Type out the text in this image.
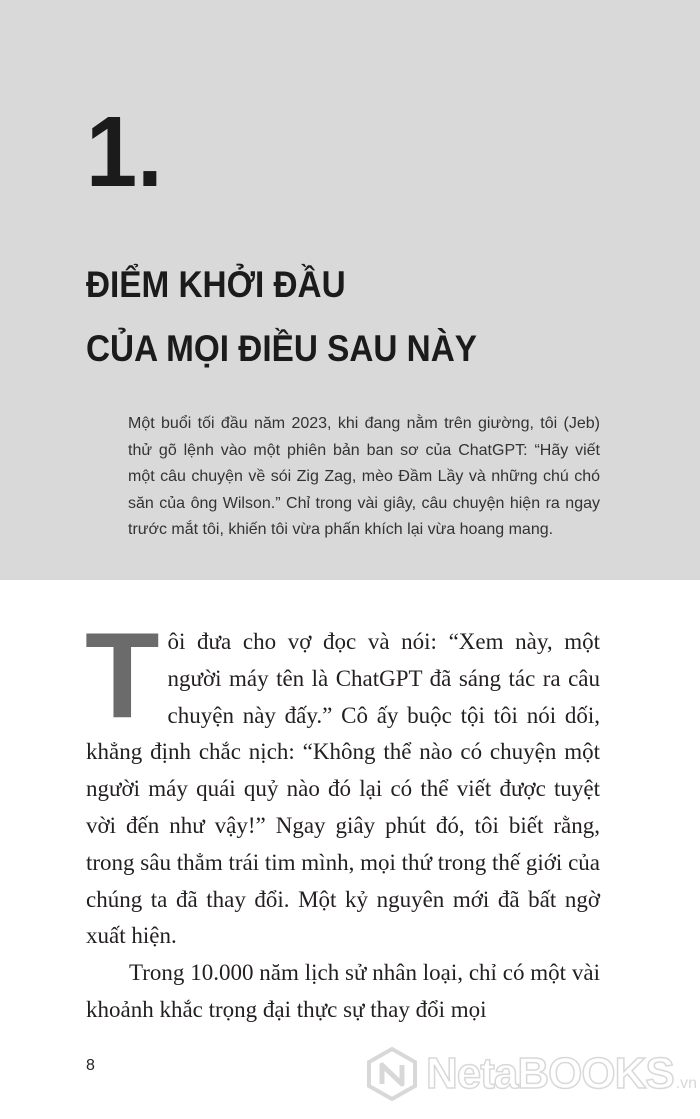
1.
ĐIỂM KHỞI ĐẦU
CỦA MỌI ĐIỀU SAU NÀY

Một buổi tối đầu năm 2023, khi đang nằm trên giường, tôi (Jeb) thử gõ lệnh vào một phiên bản ban sơ của ChatGPT: “Hãy viết một câu chuyện về sói Zig Zag, mèo Đầm Lầy và những chú chó săn của ông Wilson.” Chỉ trong vài giây, câu chuyện hiện ra ngay trước mắt tôi, khiến tôi vừa phấn khích lại vừa hoang mang.

Tôi đưa cho vợ đọc và nói: “Xem này, một người máy tên là ChatGPT đã sáng tác ra câu chuyện này đấy.” Cô ấy buộc tội tôi nói dối, khẳng định chắc nịch: “Không thể nào có chuyện một người máy quái quỷ nào đó lại có thể viết được tuyệt vời đến như vậy!” Ngay giây phút đó, tôi biết rằng, trong sâu thẳm trái tim mình, mọi thứ trong thế giới của chúng ta đã thay đổi. Một kỷ nguyên mới đã bất ngờ xuất hiện.

Trong 10.000 năm lịch sử nhân loại, chỉ có một vài khoảnh khắc trọng đại thực sự thay đổi mọi

8	NetaBOOKS .vn
